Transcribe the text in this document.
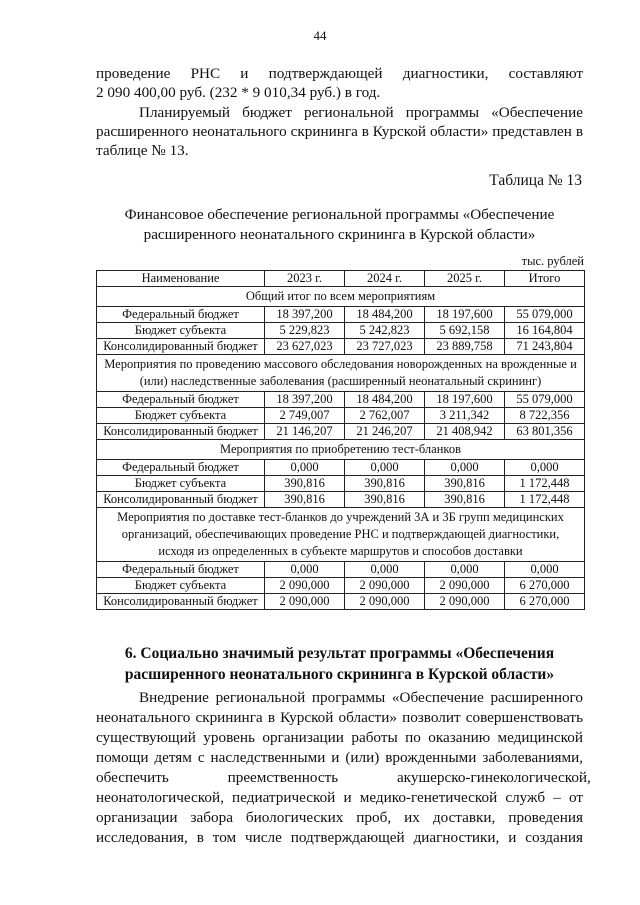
44
проведение РНС и подтверждающей диагностики, составляют
2 090 400,00 руб. (232 * 9 010,34 руб.) в год.
Планируемый бюджет региональной программы «Обеспечение
расширенного неонатального скрининга в Курской области» представлен в
таблице № 13.
Таблица № 13
Финансовое обеспечение региональной программы «Обеспечение
расширенного неонатального скрининга в Курской области»
тыс. рублей
Наименование	2023 г.	2024 г.	2025 г.	Итого
Общий итог по всем мероприятиям				
Федеральный бюджет	18 397,200	18 484,200	18 197,600	55 079,000
Бюджет субъекта	5 229,823	5 242,823	5 692,158	16 164,804
Консолидированный бюджет	23 627,023	23 727,023	23 889,758	71 243,804
Мероприятия по проведению массового обследования новорожденных на врожденные и (или) наследственные заболевания (расширенный неонатальный скрининг)				
Федеральный бюджет	18 397,200	18 484,200	18 197,600	55 079,000
Бюджет субъекта	2 749,007	2 762,007	3 211,342	8 722,356
Консолидированный бюджет	21 146,207	21 246,207	21 408,942	63 801,356
Мероприятия по приобретению тест-бланков				
Федеральный бюджет	0,000	0,000	0,000	0,000
Бюджет субъекта	390,816	390,816	390,816	1 172,448
Консолидированный бюджет	390,816	390,816	390,816	1 172,448
Мероприятия по доставке тест-бланков до учреждений 3А и 3Б групп медицинских организаций, обеспечивающих проведение РНС и подтверждающей диагностики, исходя из определенных в субъекте маршрутов и способов доставки				
Федеральный бюджет	0,000	0,000	0,000	0,000
Бюджет субъекта	2 090,000	2 090,000	2 090,000	6 270,000
Консолидированный бюджет	2 090,000	2 090,000	2 090,000	6 270,000
6. Социально значимый результат программы «Обеспечения
расширенного неонатального скрининга в Курской области»
Внедрение региональной программы «Обеспечение расширенного
неонатального скрининга в Курской области» позволит совершенствовать
существующий уровень организации работы по оказанию медицинской
помощи детям с наследственными и (или) врожденными заболеваниями,
обеспечить преемственность акушерско-гинекологической,
неонатологической, педиатрической и медико-генетической служб – от
организации забора биологических проб, их доставки, проведения
исследования, в том числе подтверждающей диагностики, и создания
